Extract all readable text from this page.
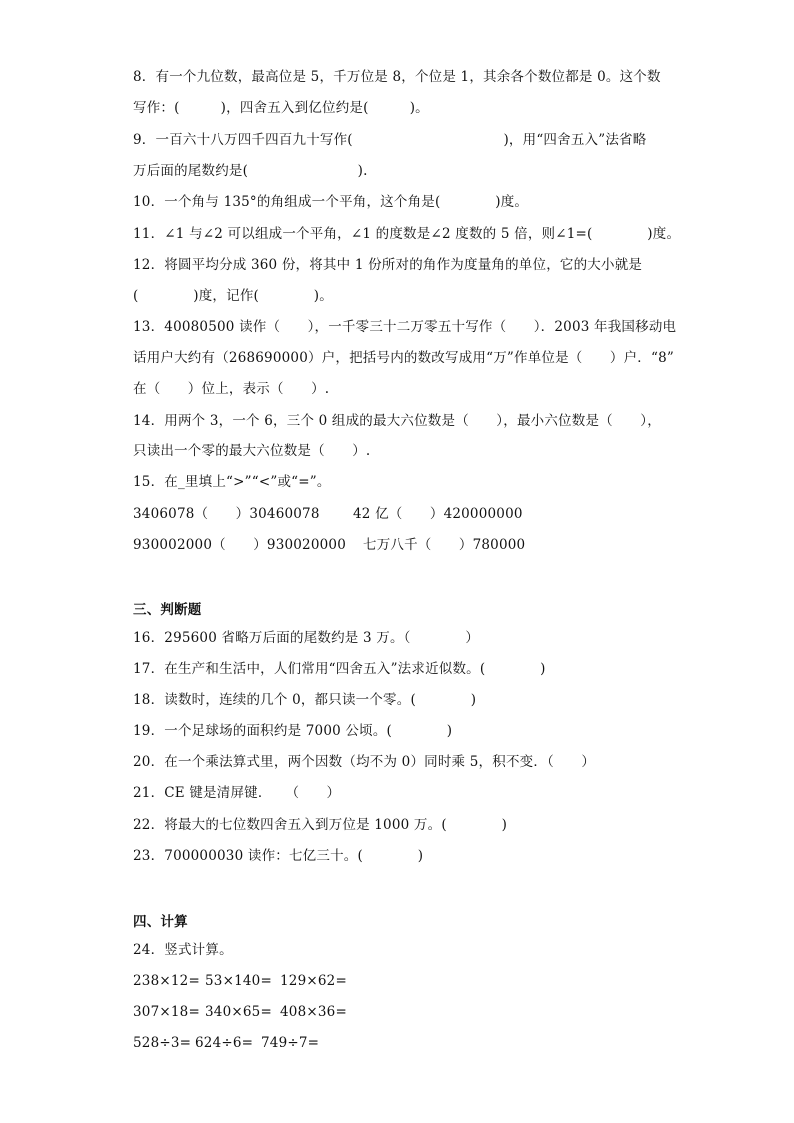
8．有一个九位数，最高位是 5，千万位是 8，个位是 1，其余各个数位都是 0。这个数
写作：(　　　)，四舍五入到亿位约是(　　　)。
9．一百六十八万四千四百九十写作(　　　　　　　　　　　)，用“四舍五入”法省略
万后面的尾数约是(　　　　　　　　).
10．一个角与 135°的角组成一个平角，这个角是(　　　　)度。
11．∠1 与∠2 可以组成一个平角，∠1 的度数是∠2 度数的 5 倍，则∠1=(　　　　)度。
12．将圆平均分成 360 份，将其中 1 份所对的角作为度量角的单位，它的大小就是
(　　　　)度，记作(　　　　)。
13．40080500 读作（　　），一千零三十二万零五十写作（　　）．2003 年我国移动电
话用户大约有（268690000）户，把括号内的数改写成用“万”作单位是（　　）户．“8”
在（　　）位上，表示（　　）.
14．用两个 3，一个 6，三个 0 组成的最大六位数是（　　），最小六位数是（　　），
只读出一个零的最大六位数是（　　）.
15．在_里填上“>”“<”或“=”。
3406078（　　）30460078 42 亿（　　）420000000
930002000（　　）930020000 七万八千（　　）780000
三、判断题
16．295600 省略万后面的尾数约是 3 万。（　　　　）
17．在生产和生活中，人们常用“四舍五入”法求近似数。(　　　　)
18．读数时，连续的几个 0，都只读一个零。(　　　　)
19．一个足球场的面积约是 7000 公顷。(　　　　)
20．在一个乘法算式里，两个因数（均不为 0）同时乘 5，积不变．（　　）
21．CE 键是清屏键．　　（　　）
22．将最大的七位数四舍五入到万位是 1000 万。(　　　　)
23．700000030 读作：七亿三十。(　　　　)
四、计算
24．竖式计算。
238×12= 53×140= 129×62=
307×18= 340×65= 408×36=
528÷3= 624÷6= 749÷7=
